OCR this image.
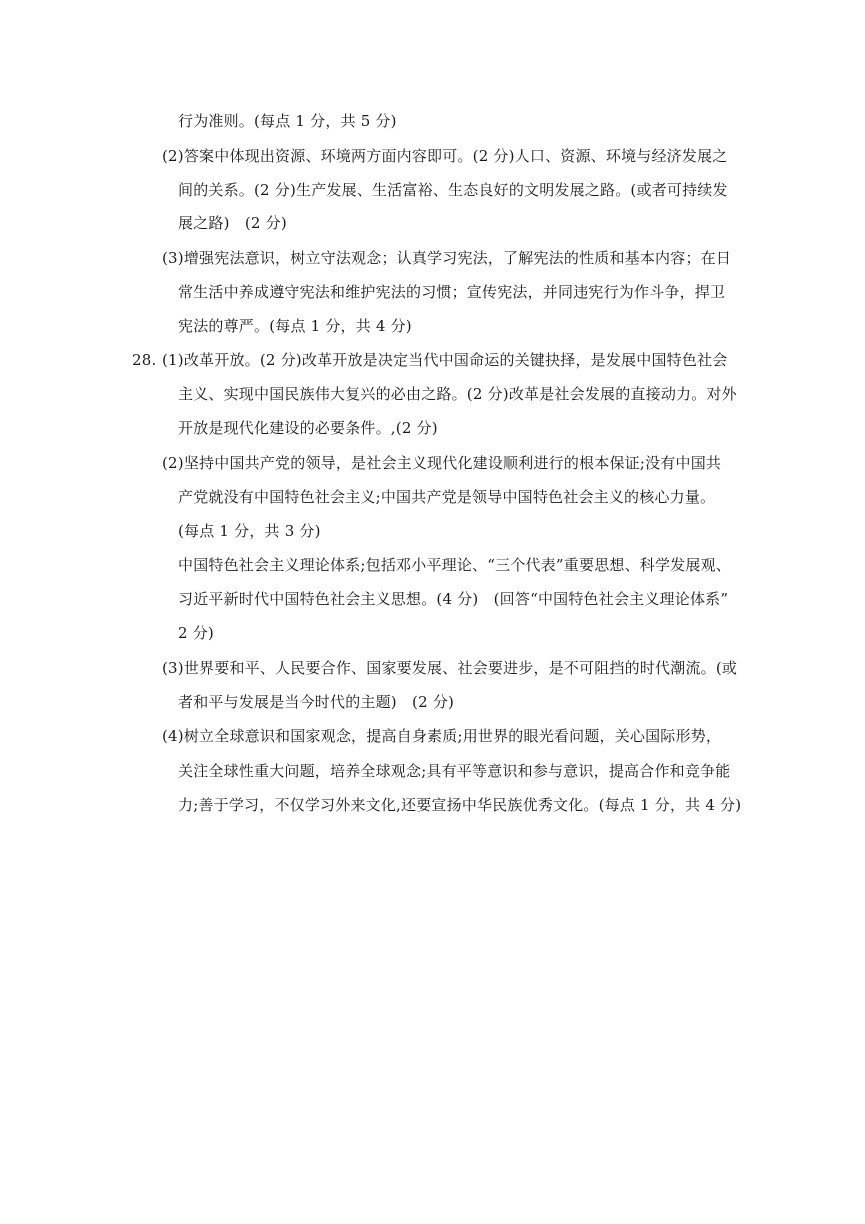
行为准则。(每点 1 分，共 5 分)
(2)答案中体现出资源、环境两方面内容即可。(2 分)人口、资源、环境与经济发展之
间的关系。(2 分)生产发展、生活富裕、生态良好的文明发展之路。(或者可持续发
展之路)　(2 分)
(3)增强宪法意识，树立守法观念；认真学习宪法，了解宪法的性质和基本内容；在日
常生活中养成遵守宪法和维护宪法的习惯；宣传宪法，并同违宪行为作斗争，捍卫
宪法的尊严。(每点 1 分，共 4 分)
28. (1)改革开放。(2 分)改革开放是决定当代中国命运的关键抉择，是发展中国特色社会
主义、实现中国民族伟大复兴的必由之路。(2 分)改革是社会发展的直接动力。对外
开放是现代化建设的必要条件。,(2 分)
(2)坚持中国共产党的领导，是社会主义现代化建设顺利进行的根本保证;没有中国共
产党就没有中国特色社会主义;中国共产党是领导中国特色社会主义的核心力量。
(每点 1 分，共 3 分)
中国特色社会主义理论体系;包括邓小平理论、“三个代表”重要思想、科学发展观、
习近平新时代中国特色社会主义思想。(4 分)　(回答“中国特色社会主义理论体系”
2 分)
(3)世界要和平、人民要合作、国家要发展、社会要进步，是不可阻挡的时代潮流。(或
者和平与发展是当今时代的主题)　(2 分)
(4)树立全球意识和国家观念，提高自身素质;用世界的眼光看问题，关心国际形势，
关注全球性重大问题，培养全球观念;具有平等意识和参与意识，提高合作和竞争能
力;善于学习，不仅学习外来文化,还要宣扬中华民族优秀文化。(每点 1 分，共 4 分)
